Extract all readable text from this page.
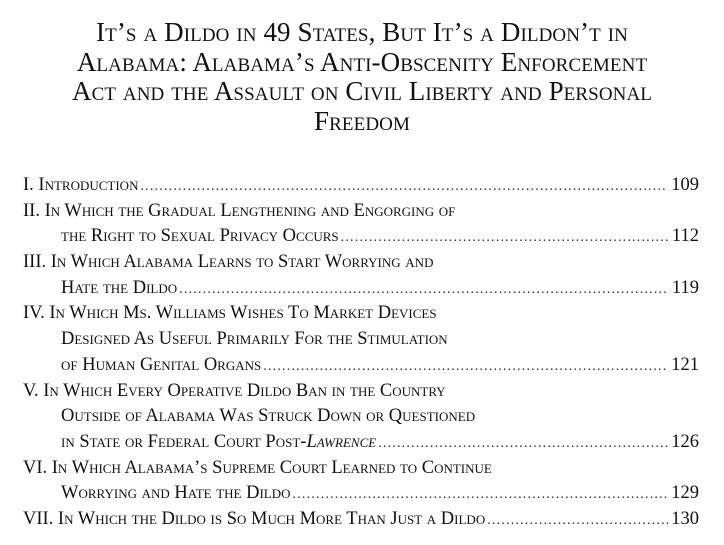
It’s a Dildo in 49 States, But It’s a Dildon’t in
Alabama: Alabama’s Anti-Obscenity Enforcement
Act and the Assault on Civil Liberty and Personal
Freedom
I. Introduction .....	109
II. In Which the Gradual Lengthening and Engorging of
the Right to Sexual Privacy Occurs .....	112
III. In Which Alabama Learns to Start Worrying and
Hate the Dildo .....	119
IV. In Which Ms. Williams Wishes To Market Devices
Designed As Useful Primarily For the Stimulation
of Human Genital Organs .....	121
V. In Which Every Operative Dildo Ban in the Country
Outside of Alabama Was Struck Down or Questioned
in State or Federal Court Post-Lawrence .....	126
VI. In Which Alabama’s Supreme Court Learned to Continue
Worrying and Hate the Dildo .....	129
VII. In Which the Dildo is So Much More Than Just a Dildo .....	130
